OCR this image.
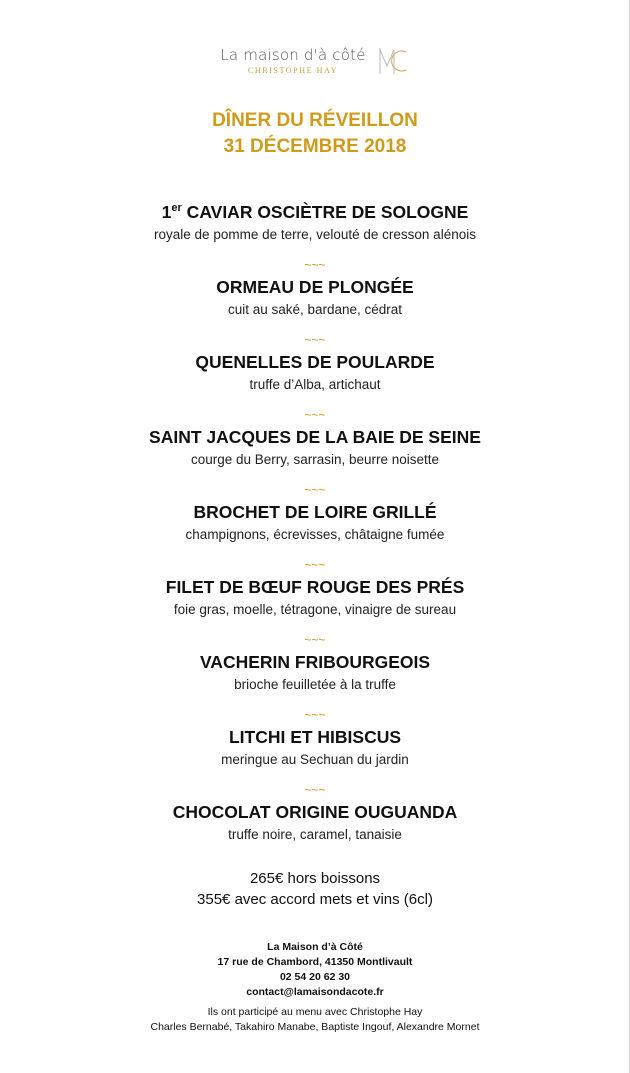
La maison d'à côté
CHRISTOPHE HAY
DÎNER DU RÉVEILLON
31 DÉCEMBRE 2018
1er CAVIAR OSCIÈTRE DE SOLOGNE
royale de pomme de terre, velouté de cresson alénois
~~~
ORMEAU DE PLONGÉE
cuit au saké, bardane, cédrat
~~~
QUENELLES DE POULARDE
truffe d’Alba, artichaut
~~~
SAINT JACQUES DE LA BAIE DE SEINE
courge du Berry, sarrasin, beurre noisette
~~~
BROCHET DE LOIRE GRILLÉ
champignons, écrevisses, châtaigne fumée
~~~
FILET DE BŒUF ROUGE DES PRÉS
foie gras, moelle, tétragone, vinaigre de sureau
~~~
VACHERIN FRIBOURGEOIS
brioche feuilletée à la truffe
~~~
LITCHI ET HIBISCUS
meringue au Sechuan du jardin
~~~
CHOCOLAT ORIGINE OUGUANDA
truffe noire, caramel, tanaisie
265€ hors boissons
355€ avec accord mets et vins (6cl)
La Maison d’à Côté
17 rue de Chambord, 41350 Montlivault
02 54 20 62 30
contact@lamaisondacote.fr
Ils ont participé au menu avec Christophe Hay
Charles Bernabé, Takahiro Manabe, Baptiste Ingouf, Alexandre Mornet
